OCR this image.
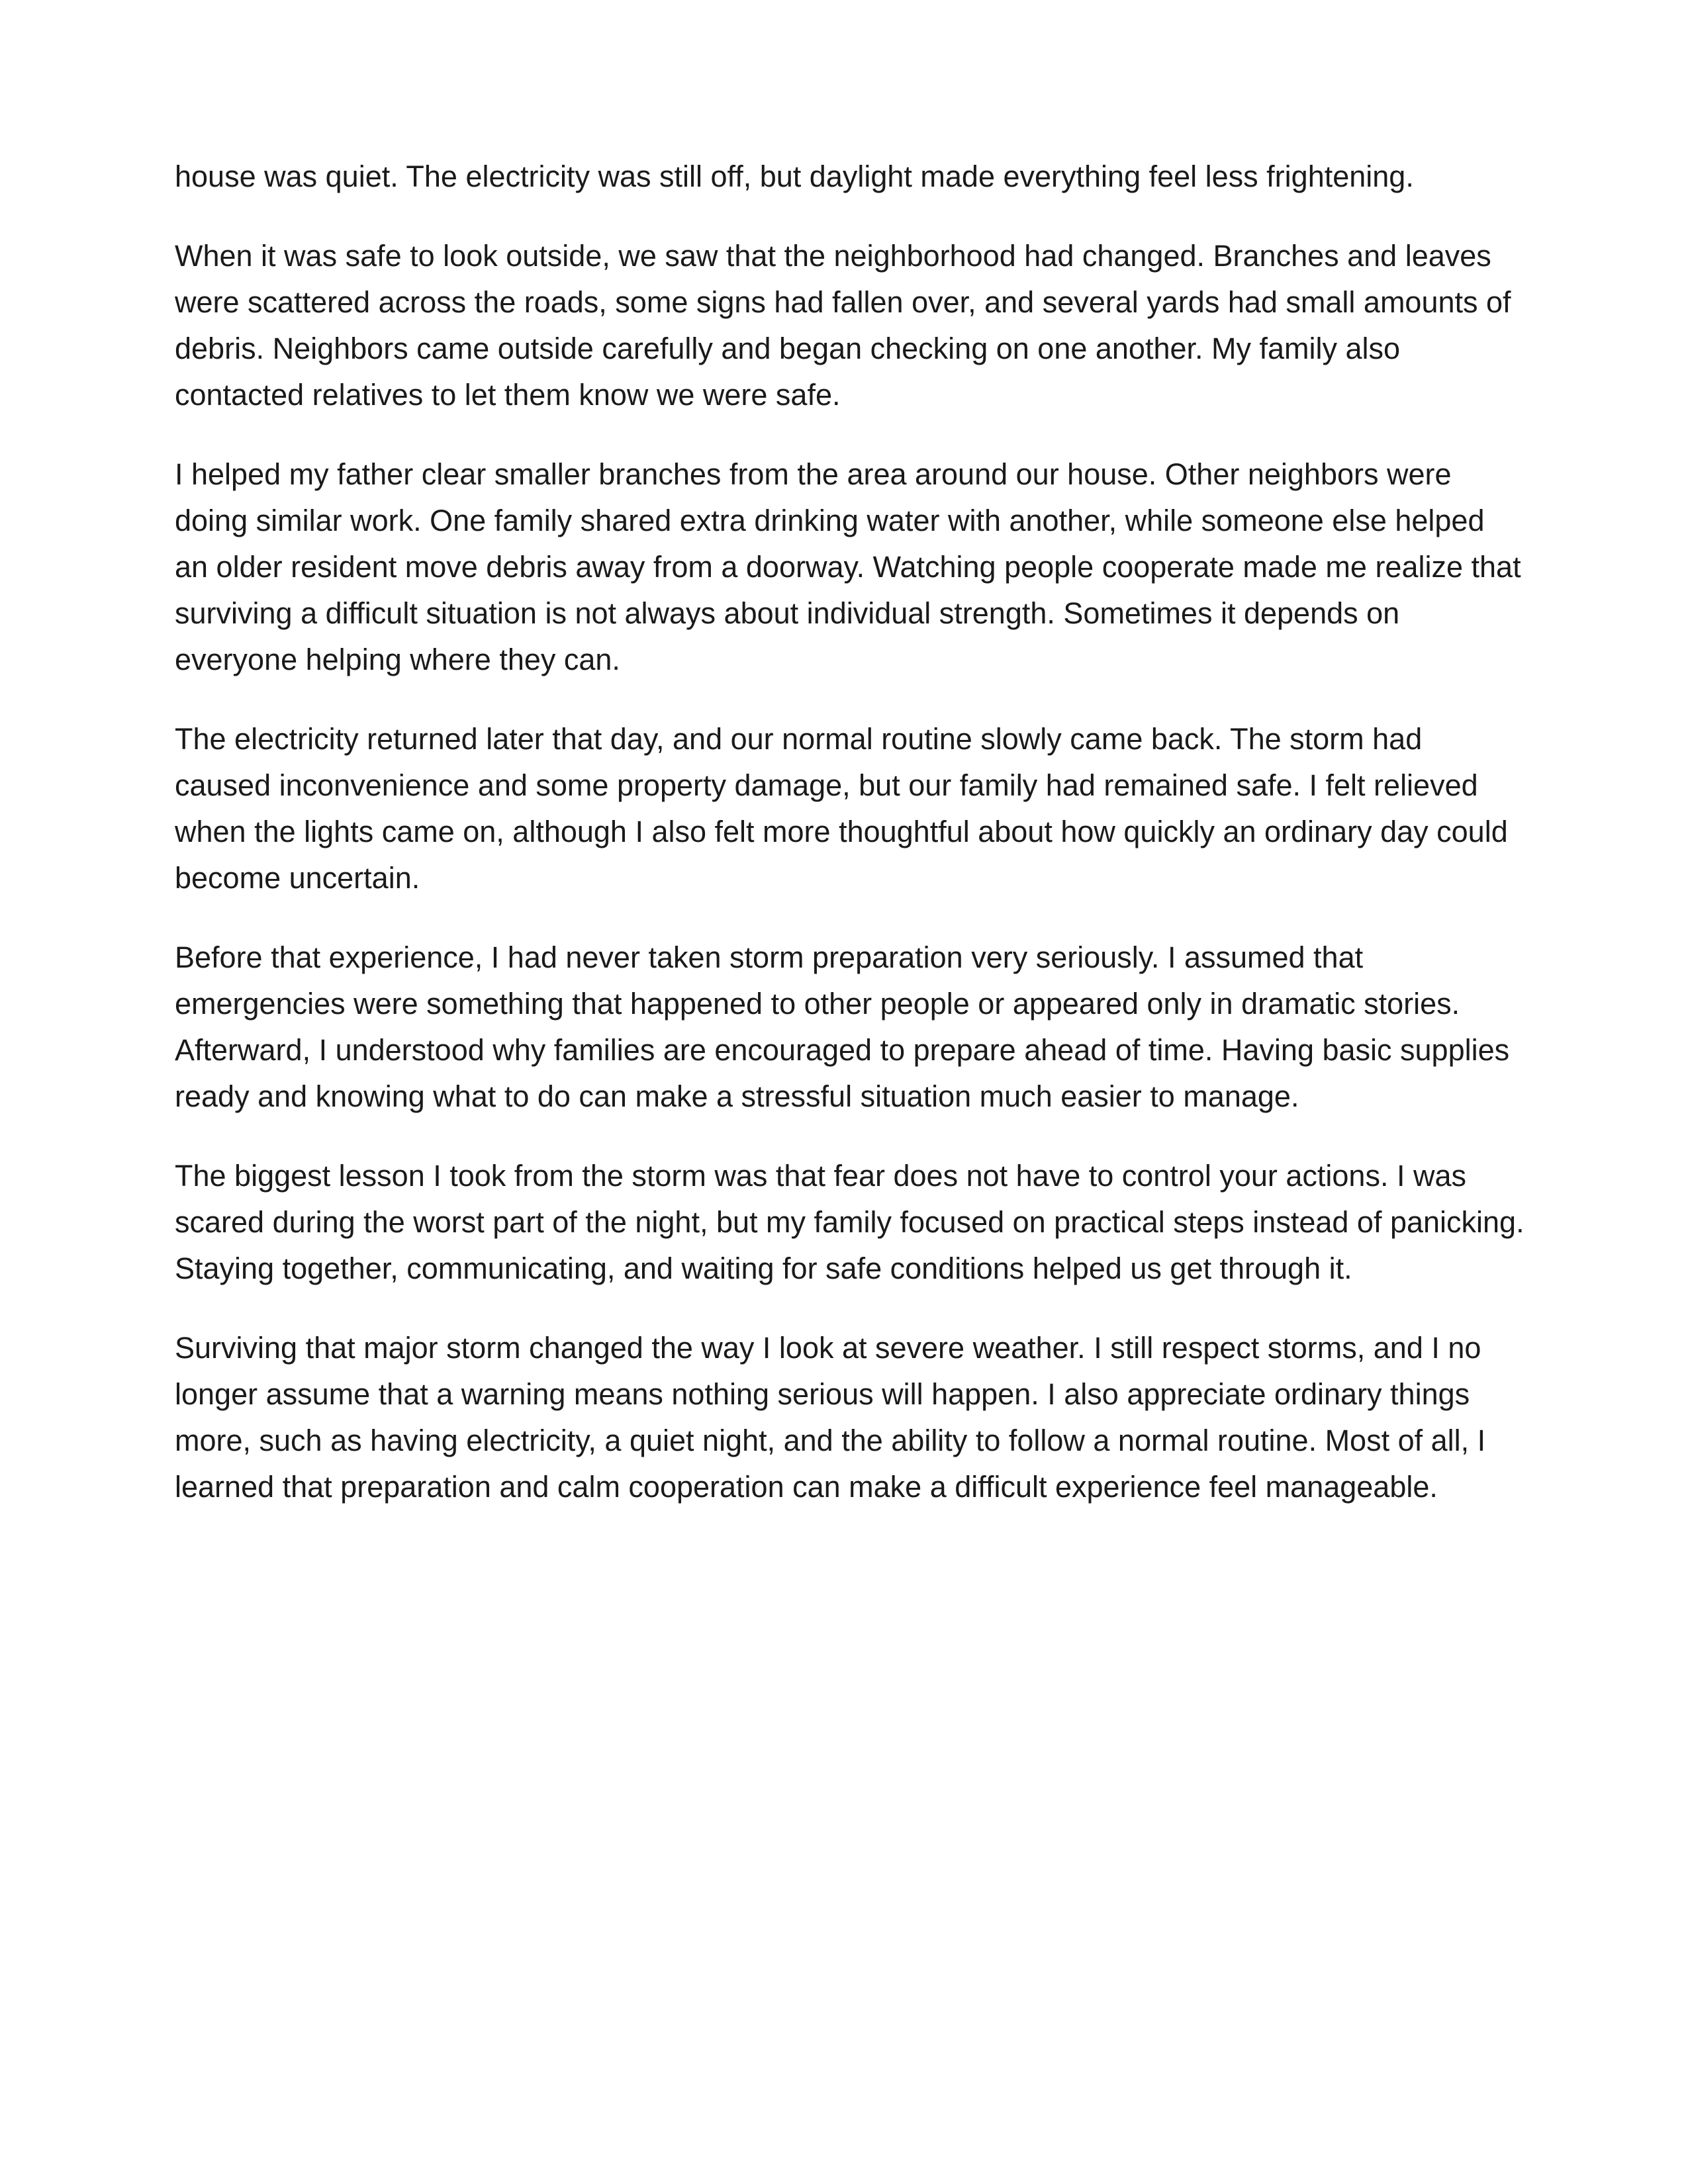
house was quiet. The electricity was still off, but daylight made everything feel less frightening.

When it was safe to look outside, we saw that the neighborhood had changed. Branches and leaves were scattered across the roads, some signs had fallen over, and several yards had small amounts of debris. Neighbors came outside carefully and began checking on one another. My family also contacted relatives to let them know we were safe.

I helped my father clear smaller branches from the area around our house. Other neighbors were doing similar work. One family shared extra drinking water with another, while someone else helped an older resident move debris away from a doorway. Watching people cooperate made me realize that surviving a difficult situation is not always about individual strength. Sometimes it depends on everyone helping where they can.

The electricity returned later that day, and our normal routine slowly came back. The storm had caused inconvenience and some property damage, but our family had remained safe. I felt relieved when the lights came on, although I also felt more thoughtful about how quickly an ordinary day could become uncertain.

Before that experience, I had never taken storm preparation very seriously. I assumed that emergencies were something that happened to other people or appeared only in dramatic stories. Afterward, I understood why families are encouraged to prepare ahead of time. Having basic supplies ready and knowing what to do can make a stressful situation much easier to manage.

The biggest lesson I took from the storm was that fear does not have to control your actions. I was scared during the worst part of the night, but my family focused on practical steps instead of panicking. Staying together, communicating, and waiting for safe conditions helped us get through it.

Surviving that major storm changed the way I look at severe weather. I still respect storms, and I no longer assume that a warning means nothing serious will happen. I also appreciate ordinary things more, such as having electricity, a quiet night, and the ability to follow a normal routine. Most of all, I learned that preparation and calm cooperation can make a difficult experience feel manageable.
